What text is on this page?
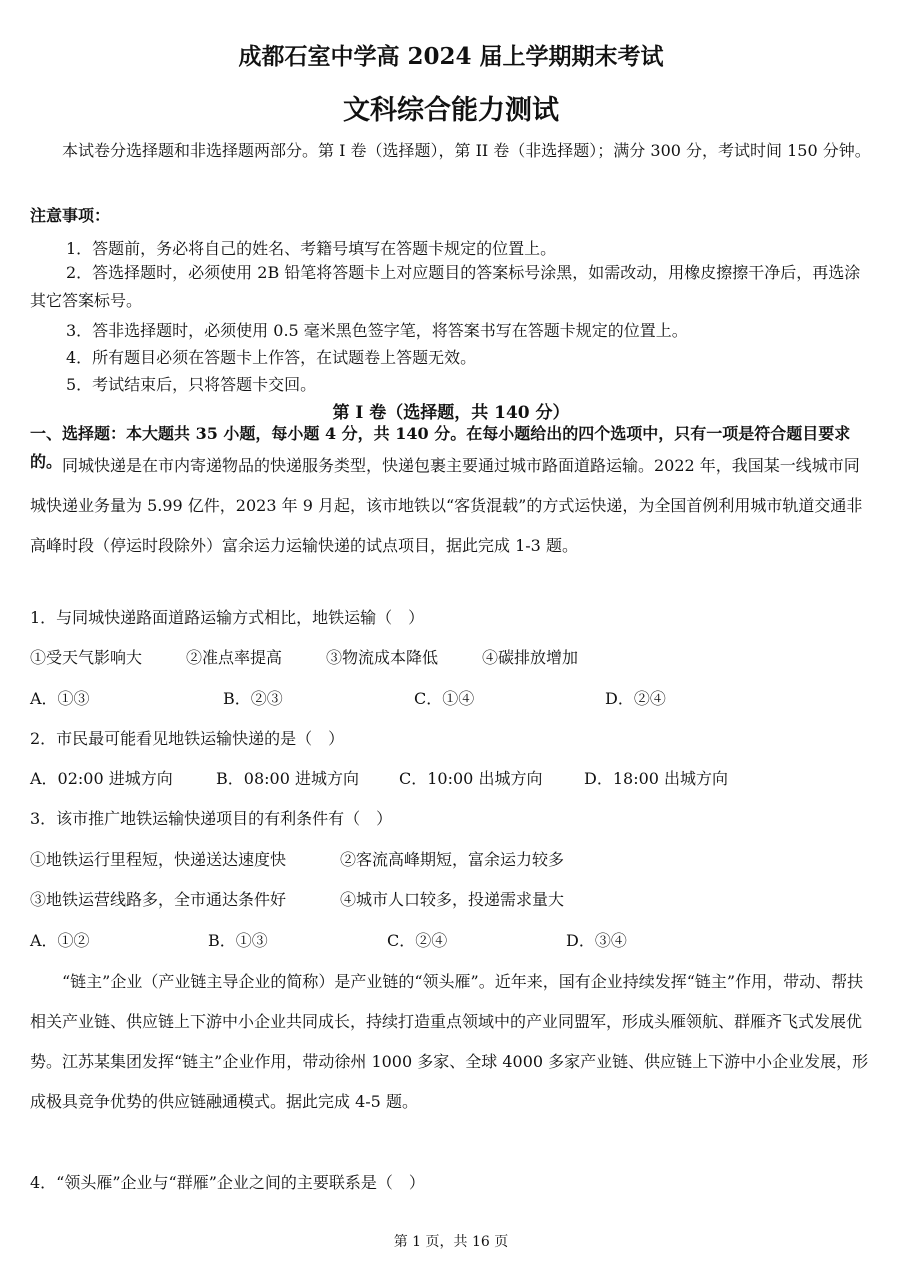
成都石室中学高 2024 届上学期期末考试
文科综合能力测试
本试卷分选择题和非选择题两部分。第 I 卷（选择题），第 II 卷（非选择题）；满分 300 分，考试时间 150 分钟。
注意事项：
1．答题前，务必将自己的姓名、考籍号填写在答题卡规定的位置上。
2．答选择题时，必须使用 2B 铅笔将答题卡上对应题目的答案标号涂黑，如需改动，用橡皮擦擦干净后，再选涂其它答案标号。
3．答非选择题时，必须使用 0.5 毫米黑色签字笔，将答案书写在答题卡规定的位置上。
4．所有题目必须在答题卡上作答，在试题卷上答题无效。
5．考试结束后，只将答题卡交回。
第 I 卷（选择题，共 140 分）
一、选择题：本大题共 35 小题，每小题 4 分，共 140 分。在每小题给出的四个选项中，只有一项是符合题目要求的。 同城快递是在市内寄递物品的快递服务类型，快递包裹主要通过城市路面道路运输。2022 年，我国某一线城市同城快递业务量为 5.99 亿件，2023 年 9 月起，该市地铁以“客货混载”的方式运快递，为全国首例利用城市轨道交通非高峰时段（停运时段除外）富余运力运输快递的试点项目，据此完成 1-3 题。
1．与同城快递路面道路运输方式相比，地铁运输（　）
①受天气影响大	②准点率提高	③物流成本降低	④碳排放增加
A．①③	B．②③	C．①④	D．②④
2．市民最可能看见地铁运输快递的是（　）
A．02:00 进城方向	B．08:00 进城方向	C．10:00 出城方向	D．18:00 出城方向
3．该市推广地铁运输快递项目的有利条件有（　）
①地铁运行里程短，快递送达速度快	②客流高峰期短，富余运力较多
③地铁运营线路多，全市通达条件好	④城市人口较多，投递需求量大
A．①②	B．①③	C．②④	D．③④
“链主”企业（产业链主导企业的简称）是产业链的“领头雁”。近年来，国有企业持续发挥“链主”作用，带动、帮扶相关产业链、供应链上下游中小企业共同成长，持续打造重点领域中的产业同盟军，形成头雁领航、群雁齐飞式发展优势。江苏某集团发挥“链主”企业作用，带动徐州 1000 多家、全球 4000 多家产业链、供应链上下游中小企业发展，形成极具竞争优势的供应链融通模式。据此完成 4-5 题。
4．“领头雁”企业与“群雁”企业之间的主要联系是（　）
第 1 页，共 16 页
